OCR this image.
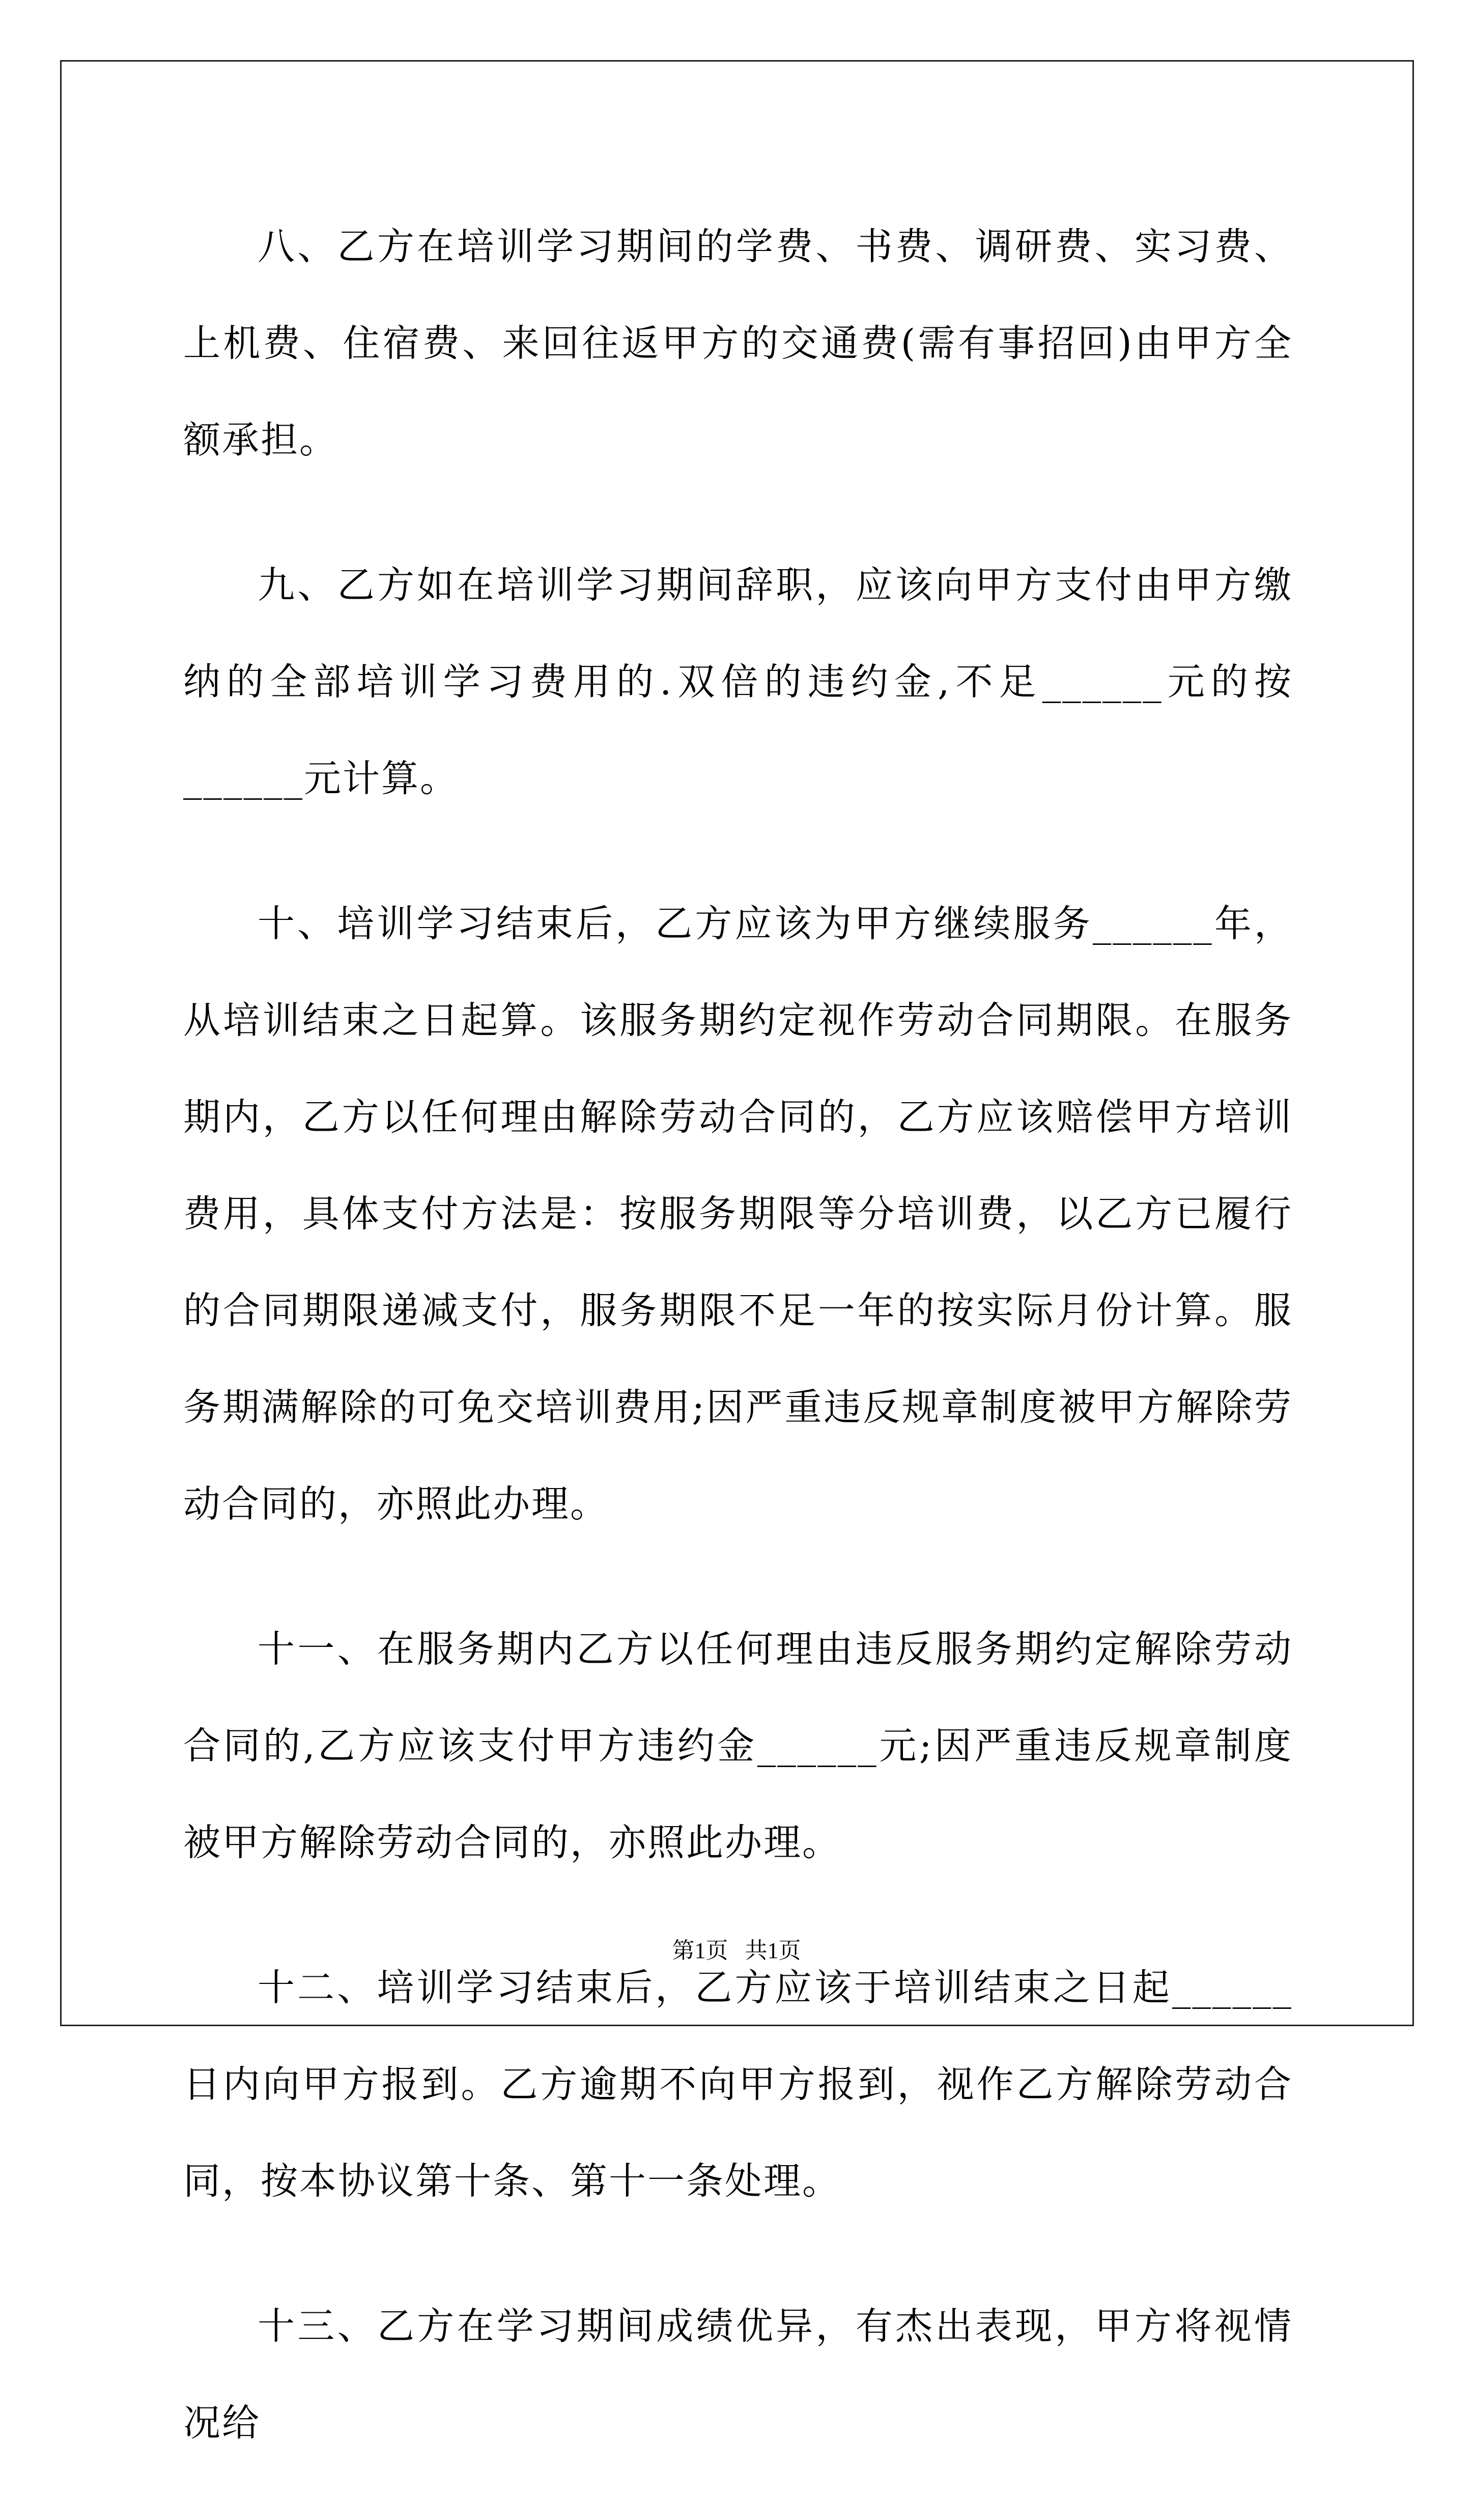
八、乙方在培训学习期间的学费、书费、调研费、实习费、上机费、住宿费、来回往返甲方的交通费(需有事招回)由甲方全额承担。

九、乙方如在培训学习期间辞职，应该向甲方支付由甲方缴纳的全部培训学习费用的.双倍的违约金,不足______元的按______元计算。

十、培训学习结束后，乙方应该为甲方继续服务______年，从培训结束之日起算。该服务期约定视作劳动合同期限。在服务期内，乙方以任何理由解除劳动合同的，乙方应该赔偿甲方培训费用，具体支付方法是：按服务期限等分培训费，以乙方已履行的合同期限递减支付，服务期限不足一年的按实际月份计算。服务期满解除的可免交培训费用;因严重违反规章制度被甲方解除劳动合同的，亦照此办理。

十一、在服务期内乙方以任何理由违反服务期约定解除劳动合同的,乙方应该支付甲方违约金______元;因严重违反规章制度被甲方解除劳动合同的，亦照此办理。

十二、培训学习结束后，乙方应该于培训结束之日起______日内向甲方报到。乙方逾期不向甲方报到，视作乙方解除劳动合同，按本协议第十条、第十一条处理。

十三、乙方在学习期间成绩优异，有杰出表现，甲方将视情况给

第1页   共1页
